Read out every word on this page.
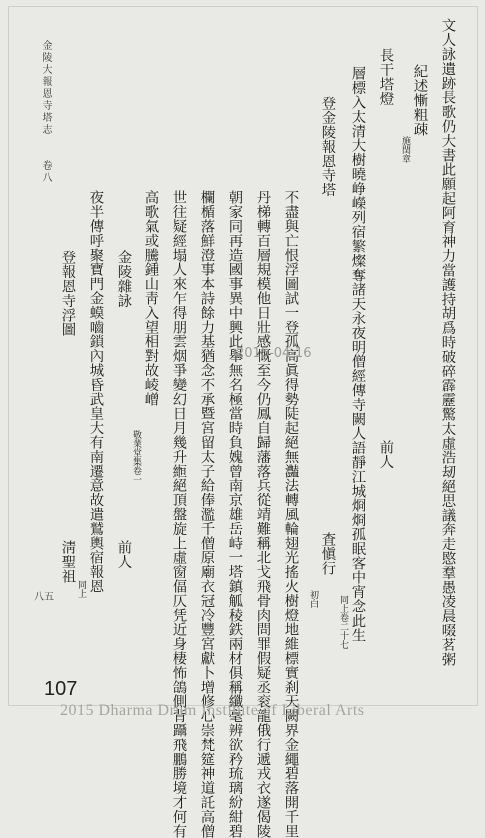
金陵大報恩寺塔志
卷八
八五	文人詠遺跡長歌仍大書此願起阿育神力當護持胡爲時破碎霹靂驚太虛浩刼絕思議奔走愍羣愚凌晨啜茗粥
紀述慚粗疎
施閏章
長干塔燈
前人
層標入太清大樹曉峥嶸列宿繁燦奪諸天永夜明僧經傳寺闕人語靜江城烱烱孤眠客中宵念此生
同上卷二十七
登金陵報恩寺塔
査愼行
初白
不盡與亡恨浮圖試一登孤高眞得勢陡起絕無灎法轉風輪翅光搖火樹燈地維標實刹天闕界金繩碧落開千里
丹梯轉百層規模他日壯感慨至今仍鳳自歸藩落兵從靖難稱北戈飛骨肉問罪假疑丞衮龍俄行遞戎衣遂偈陵
朝家同再造國事異中興此舉無名極當時負媿曾南京雄岳峙一塔鎮觚稜鉄兩材俱稱纖毫辨欲矜琉璃紛紺碧
欄楯落鮮澄事本詩餘力基猶念不承暨宮留太子給俸濫千僧原廟衣冠冷豐宮獻卜增修心崇梵筵神道託高僧
世往疑經塌人來乍得朋雲烟爭變幻日月幾升縆絕頂盤旋上虛窗偪仄凭近身棲怖鴿側背躡飛鵬勝境才何有
高歌氣或騰鍾山靑入望相對故崚嶒
敬業堂集卷一
金陵雜詠
前人
夜半傳呼聚寶門金蟆嚙鎖內城昏武皇大有南遷意故遣鷲輿宿報恩
同上
登報恩寺浮圖
淸聖祖
2015-04-16
107
2015 Dharma Drum Institute of Liberal Arts
